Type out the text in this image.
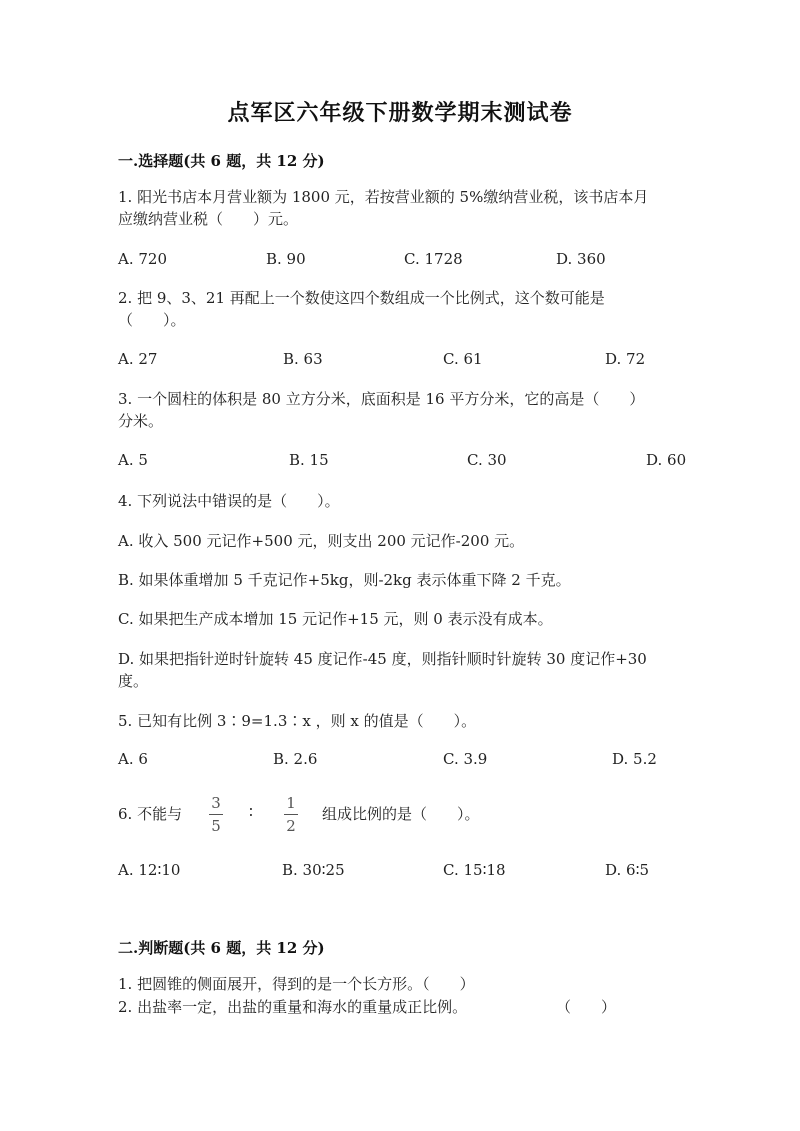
点军区六年级下册数学期末测试卷
一.选择题(共 6 题，共 12 分)
1. 阳光书店本月营业额为 1800 元，若按营业额的 5%缴纳营业税，该书店本月
应缴纳营业税（　　）元。
A. 720	B. 90	C. 1728	D. 360
2. 把 9、3、21 再配上一个数使这四个数组成一个比例式，这个数可能是
（　　）。
A. 27	B. 63	C. 61	D. 72
3. 一个圆柱的体积是 80 立方分米，底面积是 16 平方分米，它的高是（　　）
分米。
A. 5	B. 15	C. 30	D. 60
4. 下列说法中错误的是（　　）。
A. 收入 500 元记作+500 元，则支出 200 元记作-200 元。
B. 如果体重增加 5 千克记作+5kg，则-2kg 表示体重下降 2 千克。
C. 如果把生产成本增加 15 元记作+15 元，则 0 表示没有成本。
D. 如果把指针逆时针旋转 45 度记作-45 度，则指针顺时针旋转 30 度记作+30
度。
5. 已知有比例 3∶9=1.3∶x ，则 x 的值是（　　）。
A. 6	B. 2.6	C. 3.9	D. 5.2
6. 不能与
3
5
∶ 1
2
组成比例的是（　　）。
A. 12∶10	B. 30∶25	C. 15∶18	D. 6∶5
二.判断题(共 6 题，共 12 分)
1. 把圆锥的侧面展开，得到的是一个长方形。（　　）
2. 出盐率一定，出盐的重量和海水的重量成正比例。	（　　）
